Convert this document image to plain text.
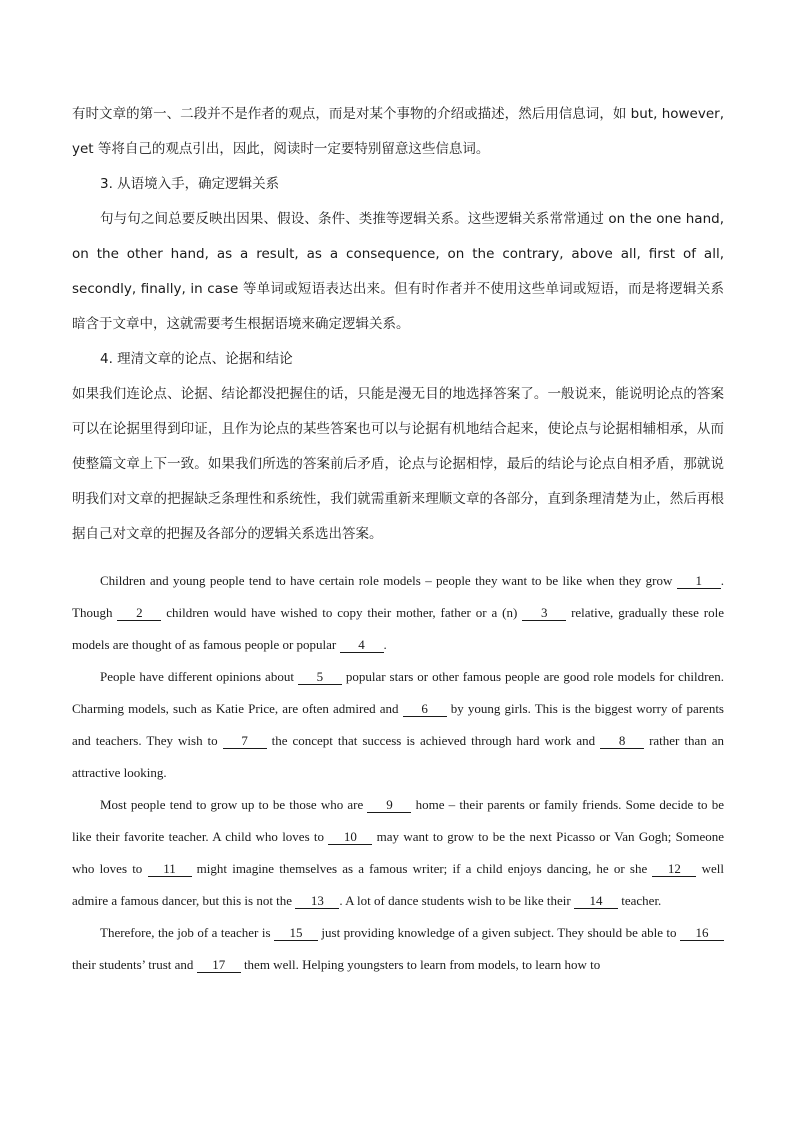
有时文章的第一、二段并不是作者的观点，而是对某个事物的介绍或描述，然后用信息词，如 but, however, yet 等将自己的观点引出，因此，阅读时一定要特别留意这些信息词。

3. 从语境入手，确定逻辑关系

句与句之间总要反映出因果、假设、条件、类推等逻辑关系。这些逻辑关系常常通过 on the one hand, on the other hand, as a result, as a consequence, on the contrary, above all, first of all, secondly, finally, in case 等单词或短语表达出来。但有时作者并不使用这些单词或短语，而是将逻辑关系暗含于文章中，这就需要考生根据语境来确定逻辑关系。

4. 理清文章的论点、论据和结论

如果我们连论点、论据、结论都没把握住的话，只能是漫无目的地选择答案了。一般说来，能说明论点的答案可以在论据里得到印证，且作为论点的某些答案也可以与论据有机地结合起来，使论点与论据相辅相承，从而使整篇文章上下一致。如果我们所选的答案前后矛盾，论点与论据相悖，最后的结论与论点自相矛盾，那就说明我们对文章的把握缺乏条理性和系统性，我们就需重新来理顺文章的各部分，直到条理清楚为止，然后再根据自己对文章的把握及各部分的逻辑关系选出答案。

Children and young people tend to have certain role models – people they want to be like when they grow 1 . Though 2 children would have wished to copy their mother, father or a (n) 3 relative, gradually these role models are thought of as famous people or popular 4 .

People have different opinions about 5 popular stars or other famous people are good role models for children. Charming models, such as Katie Price, are often admired and 6 by young girls. This is the biggest worry of parents and teachers. They wish to 7 the concept that success is achieved through hard work and 8 rather than an attractive looking.

Most people tend to grow up to be those who are 9 home – their parents or family friends. Some decide to be like their favorite teacher. A child who loves to 10 may want to grow to be the next Picasso or Van Gogh; Someone who loves to 11 might imagine themselves as a famous writer; if a child enjoys dancing, he or she 12 well admire a famous dancer, but this is not the 13 . A lot of dance students wish to be like their 14 teacher.

Therefore, the job of a teacher is 15 just providing knowledge of a given subject. They should be able to 16 their students’ trust and 17 them well. Helping youngsters to learn from models, to learn how to
